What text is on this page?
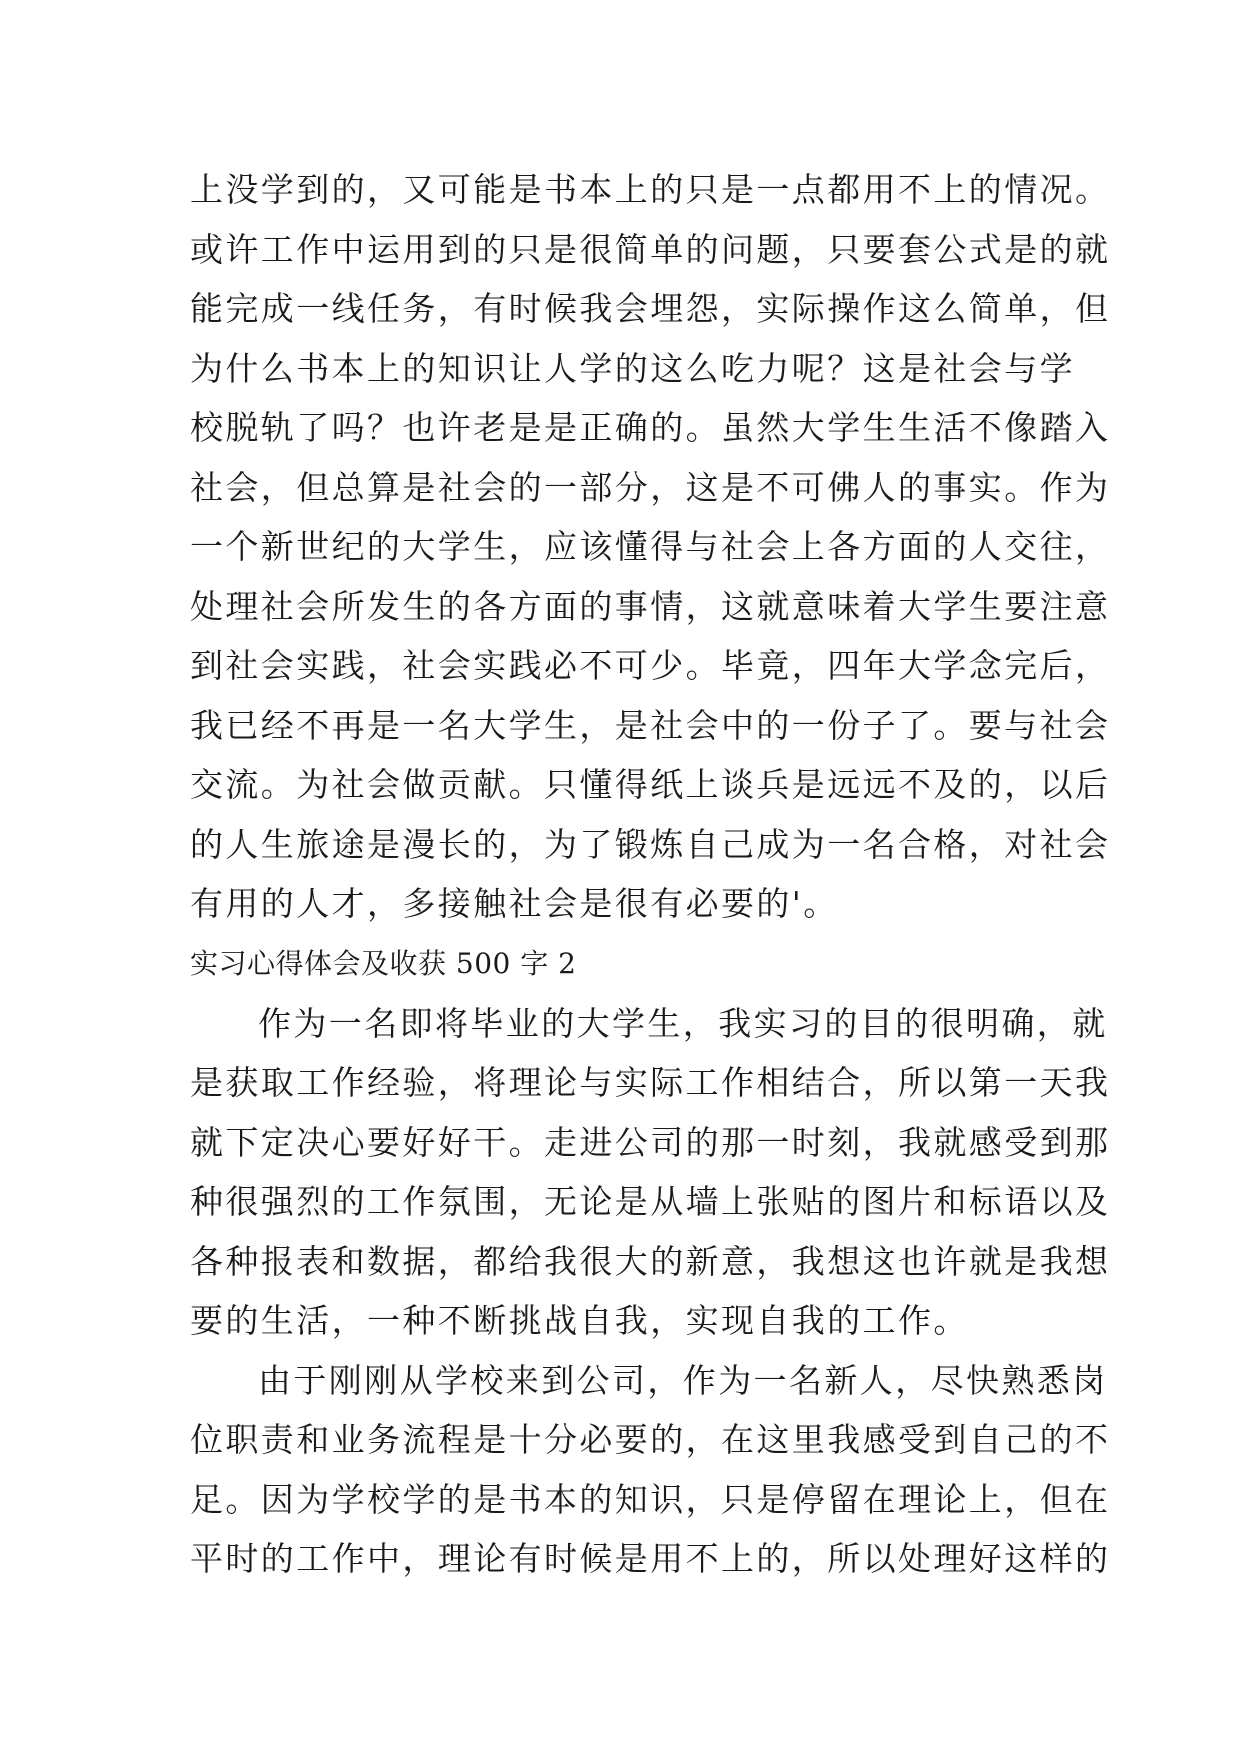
上没学到的，又可能是书本上的只是一点都用不上的情况。
或许工作中运用到的只是很简单的问题，只要套公式是的就
能完成一线任务，有时候我会埋怨，实际操作这么简单，但
为什么书本上的知识让人学的这么吃力呢？这是社会与学
校脱轨了吗？也许老是是正确的。虽然大学生生活不像踏入
社会，但总算是社会的一部分，这是不可佛人的事实。作为
一个新世纪的大学生，应该懂得与社会上各方面的人交往，
处理社会所发生的各方面的事情，这就意味着大学生要注意
到社会实践，社会实践必不可少。毕竟，四年大学念完后，
我已经不再是一名大学生，是社会中的一份子了。要与社会
交流。为社会做贡献。只懂得纸上谈兵是远远不及的，以后
的人生旅途是漫长的，为了锻炼自己成为一名合格，对社会
有用的人才，多接触社会是很有必要的'。
实习心得体会及收获 500 字 2
作为一名即将毕业的大学生，我实习的目的很明确，就
是获取工作经验，将理论与实际工作相结合，所以第一天我
就下定决心要好好干。走进公司的那一时刻，我就感受到那
种很强烈的工作氛围，无论是从墙上张贴的图片和标语以及
各种报表和数据，都给我很大的新意，我想这也许就是我想
要的生活，一种不断挑战自我，实现自我的工作。
由于刚刚从学校来到公司，作为一名新人，尽快熟悉岗
位职责和业务流程是十分必要的，在这里我感受到自己的不
足。因为学校学的是书本的知识，只是停留在理论上，但在
平时的工作中，理论有时候是用不上的，所以处理好这样的
